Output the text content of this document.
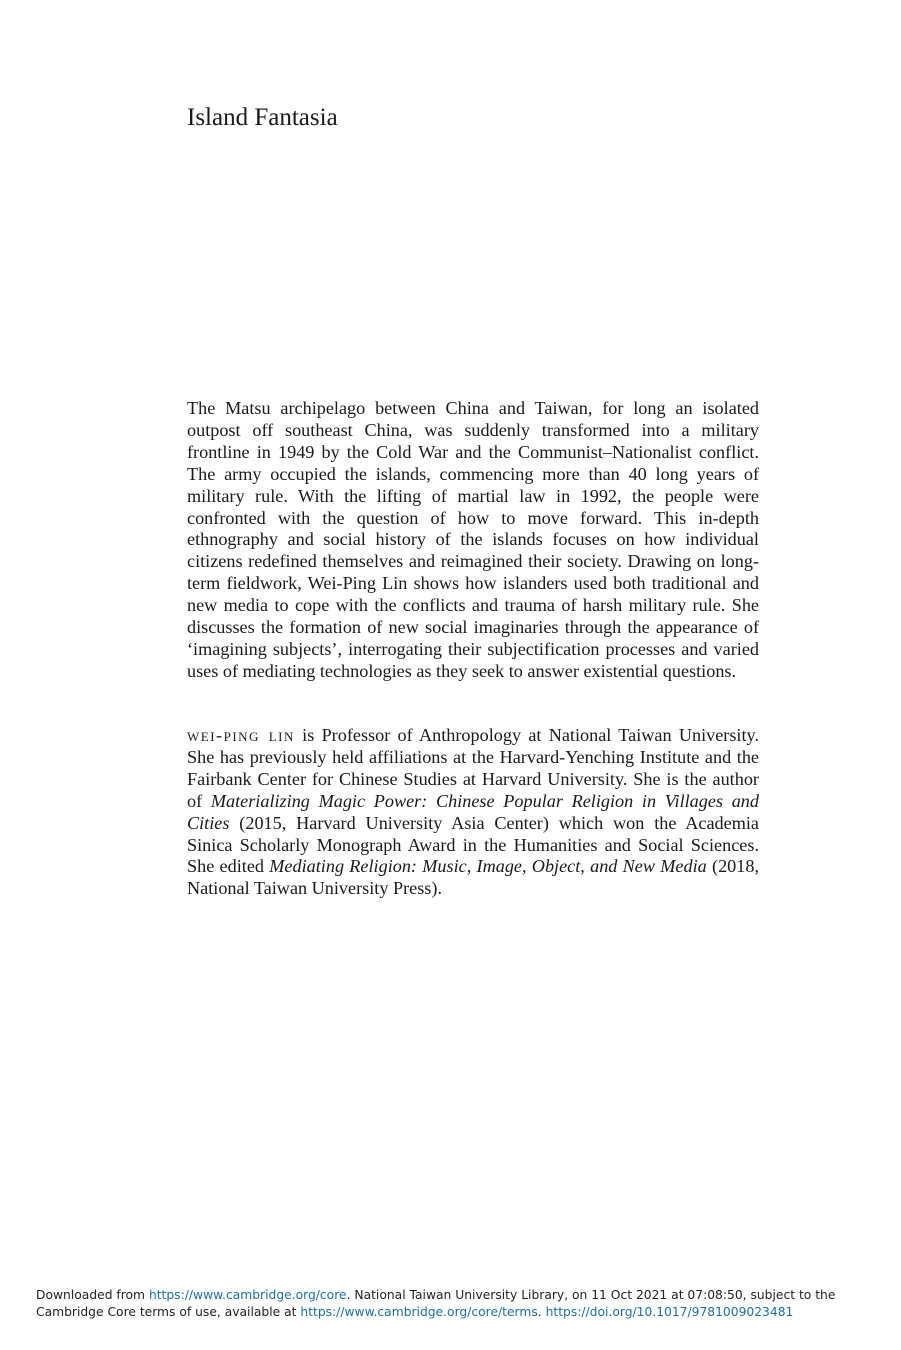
Island Fantasia

The Matsu archipelago between China and Taiwan, for long an isolated outpost off southeast China, was suddenly transformed into a military frontline in 1949 by the Cold War and the Communist–Nationalist conflict. The army occupied the islands, commencing more than 40 long years of military rule. With the lifting of martial law in 1992, the people were confronted with the question of how to move forward. This in-depth ethnography and social history of the islands focuses on how individual citizens redefined themselves and reimagined their society. Drawing on long-term fieldwork, Wei-Ping Lin shows how islanders used both traditional and new media to cope with the conflicts and trauma of harsh military rule. She discusses the formation of new social imaginaries through the appearance of ‘imagining subjects’, interrogating their subjectification processes and varied uses of mediating technologies as they seek to answer existential questions.

wei-ping lin is Professor of Anthropology at National Taiwan University. She has previously held affiliations at the Harvard-Yenching Institute and the Fairbank Center for Chinese Studies at Harvard University. She is the author of Materializing Magic Power: Chinese Popular Religion in Villages and Cities (2015, Harvard University Asia Center) which won the Academia Sinica Scholarly Monograph Award in the Humanities and Social Sciences. She edited Mediating Religion: Music, Image, Object, and New Media (2018, National Taiwan University Press).

Downloaded from https://www.cambridge.org/core. National Taiwan University Library, on 11 Oct 2021 at 07:08:50, subject to the Cambridge Core terms of use, available at https://www.cambridge.org/core/terms. https://doi.org/10.1017/9781009023481
